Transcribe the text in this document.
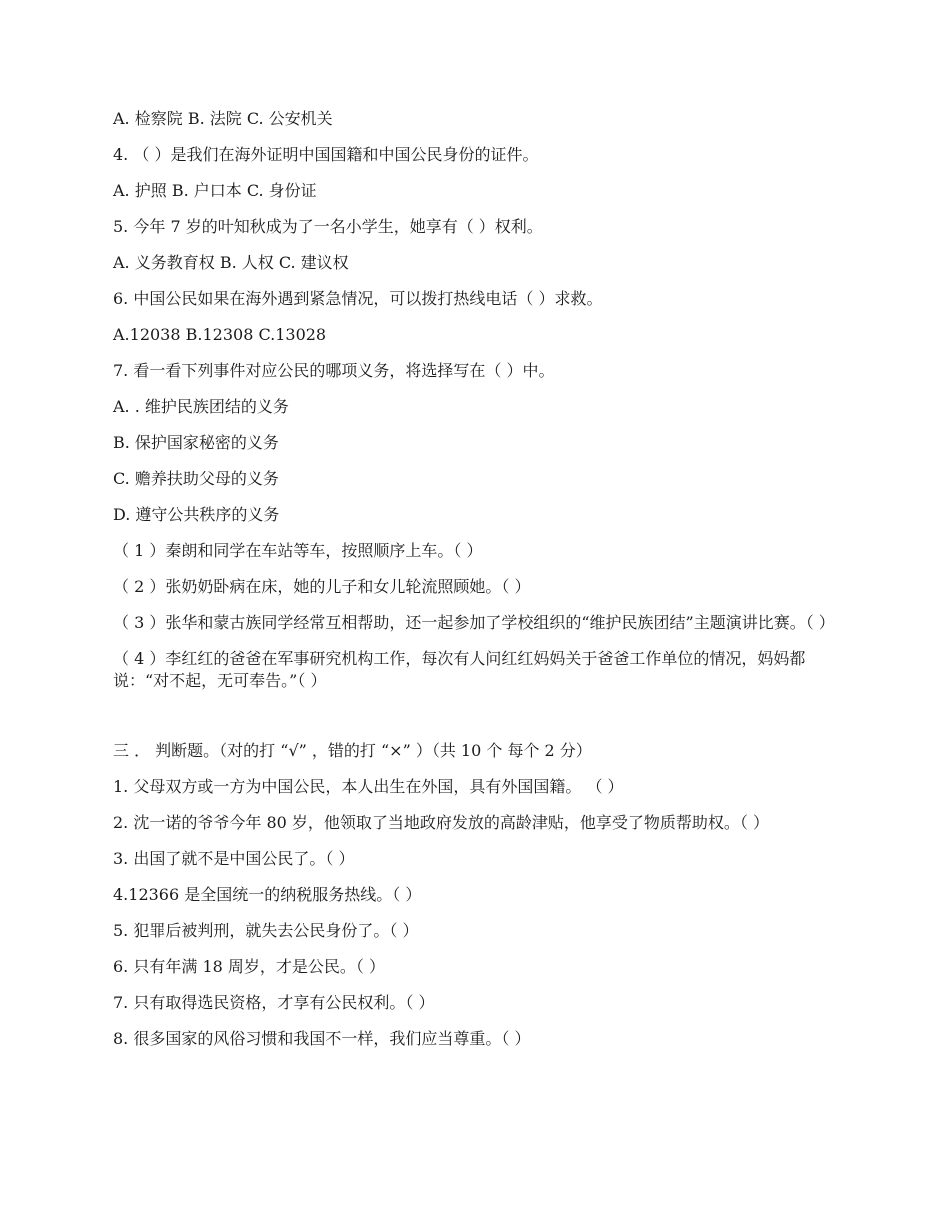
A. 检察院 B. 法院 C. 公安机关
4. （ ）是我们在海外证明中国国籍和中国公民身份的证件。
A. 护照 B. 户口本 C. 身份证
5. 今年 7 岁的叶知秋成为了一名小学生，她享有（ ）权利。
A. 义务教育权 B. 人权 C. 建议权
6. 中国公民如果在海外遇到紧急情况，可以拨打热线电话（ ）求救。
A.12038 B.12308 C.13028
7. 看一看下列事件对应公民的哪项义务，将选择写在（ ）中。
A. . 维护民族团结的义务
B. 保护国家秘密的义务
C. 赡养扶助父母的义务
D. 遵守公共秩序的义务
（ 1 ）秦朗和同学在车站等车，按照顺序上车。（ ）
（ 2 ）张奶奶卧病在床，她的儿子和女儿轮流照顾她。（ ）
（ 3 ）张华和蒙古族同学经常互相帮助，还一起参加了学校组织的“维护民族团结”主题演讲比赛。（ ）
（ 4 ）李红红的爸爸在军事研究机构工作，每次有人问红红妈妈关于爸爸工作单位的情况，妈妈都说：“对不起，无可奉告。”（ ）
三 ． 判断题。（对的打 “√” ，错的打 “×” ）（共 10 个 每个 2 分）
1. 父母双方或一方为中国公民，本人出生在外国，具有外国国籍。 （ ）
2. 沈一诺的爷爷今年 80 岁，他领取了当地政府发放的高龄津贴，他享受了物质帮助权。（ ）
3. 出国了就不是中国公民了。（ ）
4.12366 是全国统一的纳税服务热线。（ ）
5. 犯罪后被判刑，就失去公民身份了。（ ）
6. 只有年满 18 周岁，才是公民。（ ）
7. 只有取得选民资格，才享有公民权利。（ ）
8. 很多国家的风俗习惯和我国不一样，我们应当尊重。（ ）
